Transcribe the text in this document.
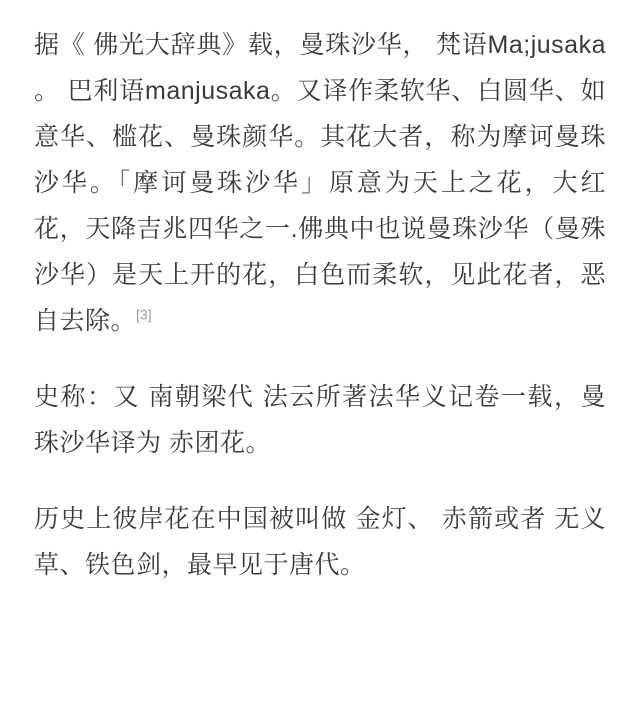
据《 佛光大辞典》载，曼珠沙华， 梵语Ma;jusaka 。 巴利语manjusaka。又译作柔软华、白圆华、如意华、槛花、曼珠颜华。其花大者，称为摩诃曼珠沙华。「摩诃曼珠沙华」原意为天上之花，大红花，天降吉兆四华之一.佛典中也说曼珠沙华（曼殊沙华）是天上开的花，白色而柔软，见此花者，恶自去除。[3]

史称：又 南朝梁代 法云所著法华义记卷一载，曼珠沙华译为 赤团花。

历史上彼岸花在中国被叫做 金灯、 赤箭或者 无义草、铁色剑，最早见于唐代。
